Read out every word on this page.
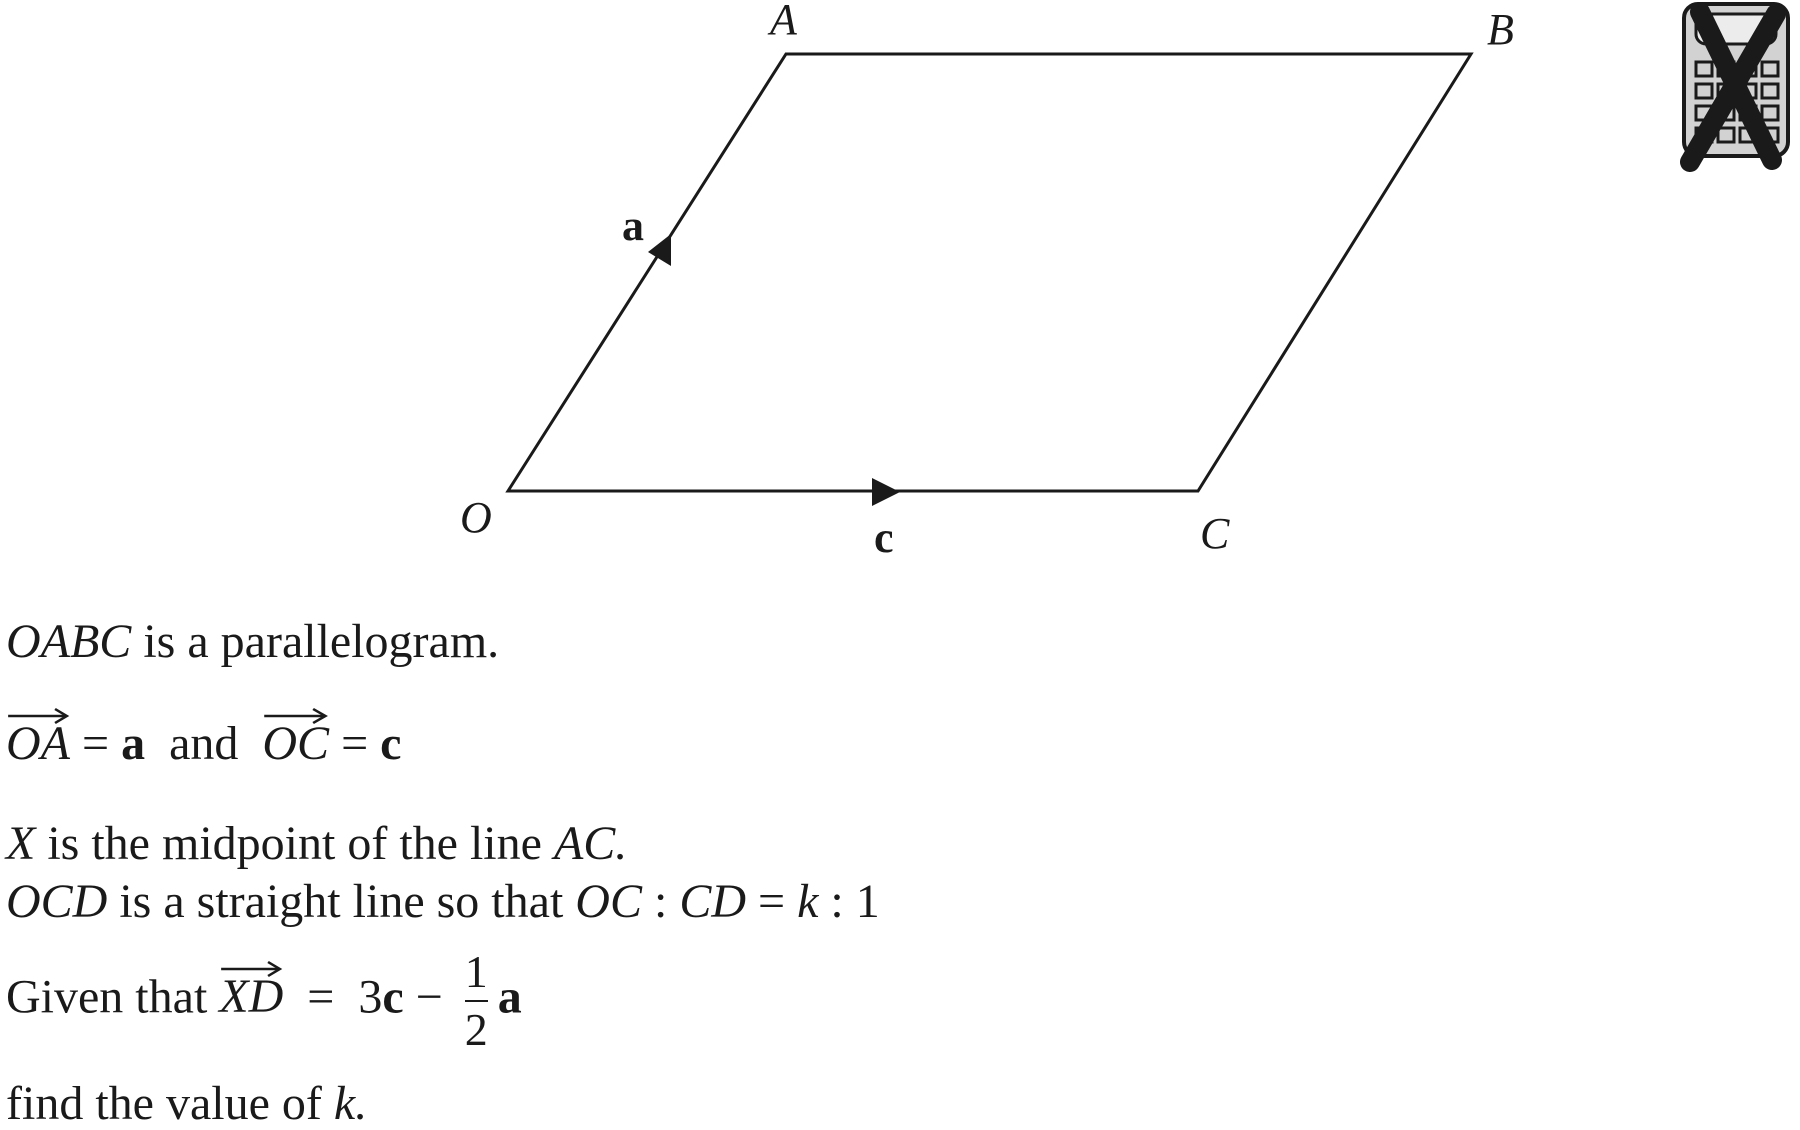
A	B
O	C
a
c
OABC is a parallelogram.
OA = a  and
OC = c
X is the midpoint of the line AC.
OCD is a straight line so that OC : CD = k : 1
Given that
XD  =  $3c - \frac{1}{2}$ a
find the value of k.
